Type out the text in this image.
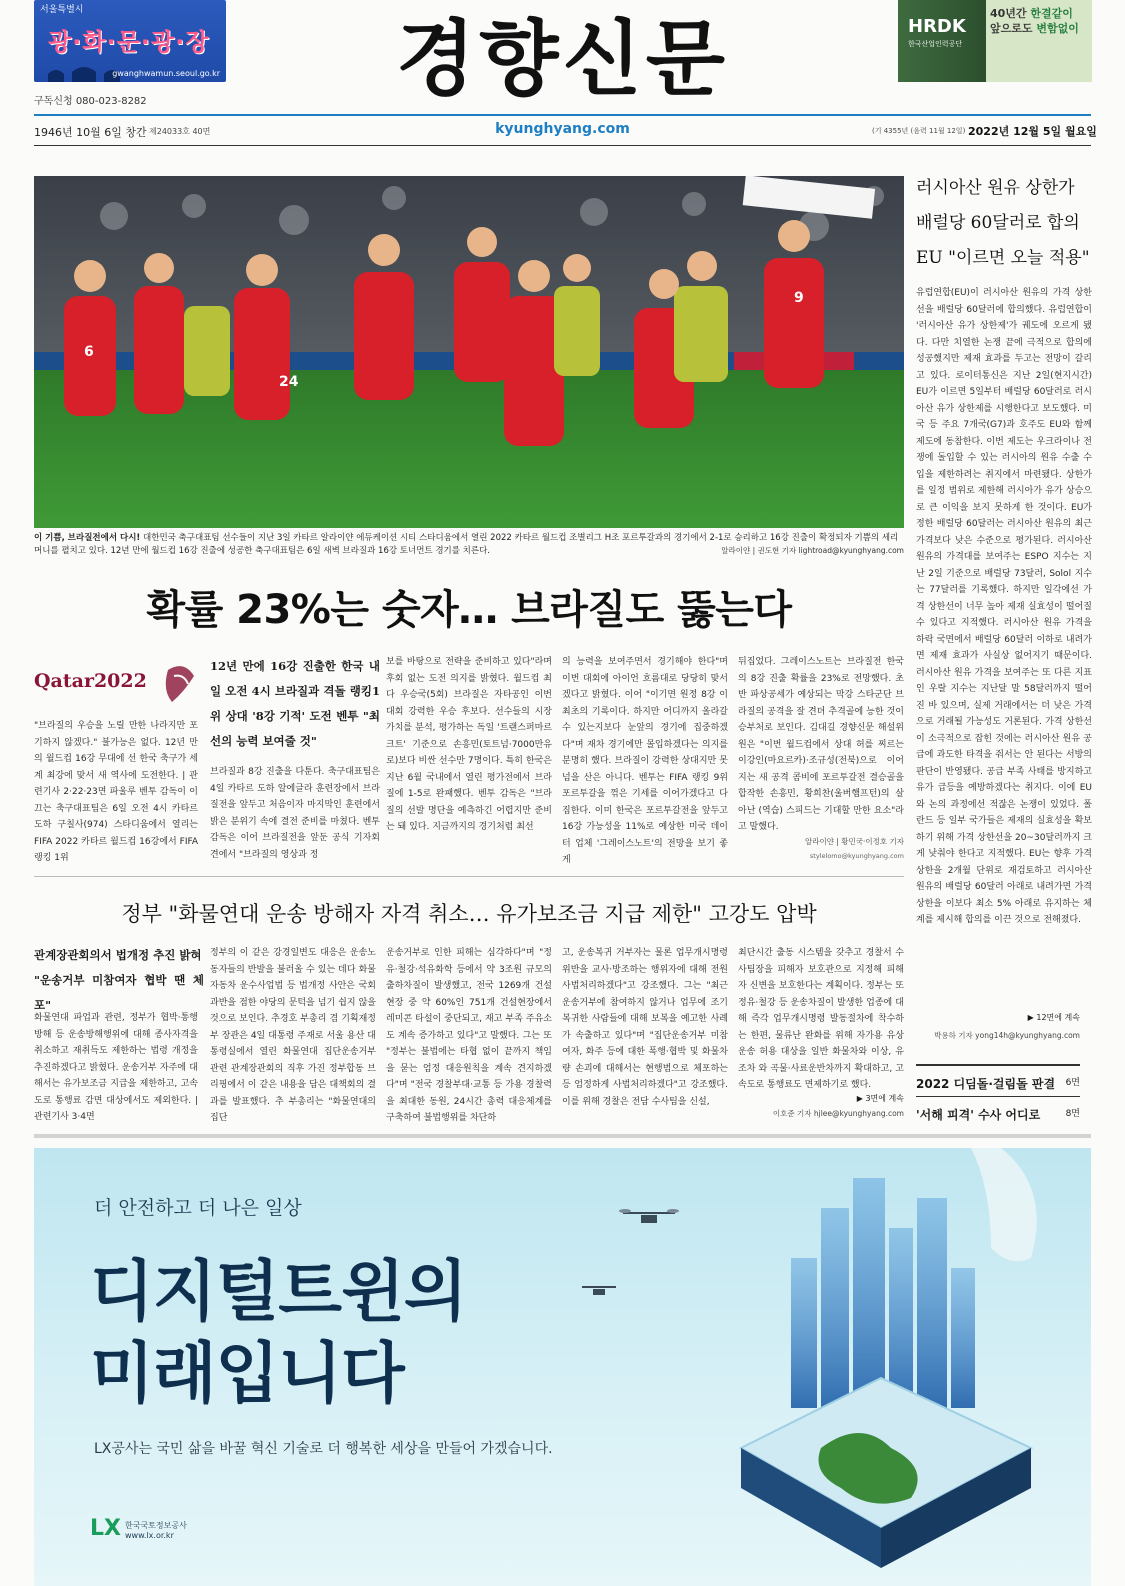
서울특별시
광·화·문·광·장
gwanghwamun.seoul.go.kr
구독신청 080-023-8282	경향신문	HRDK
한국산업인력공단
40년간 한결같이
앞으로도 변함없이
1946년 10월 6일 창간 제24033호 40면	kyunghyang.com	(기 4355년 (음력 11월 12일) 2022년 12월 5일 월요일
6
24
9
이 기쁨, 브라질전에서 다시! 대한민국 축구대표팀 선수들이 지난 3일 카타르 알라이얀 에듀케이션 시티 스타디움에서 열린 2022 카타르 월드컵 조별리그 H조 포르투갈과의 경기에서 2-1로 승리하고 16강 진출이 확정되자 기쁨의 세리머니를 펼치고 있다. 12년 만에 월드컵 16강 진출에 성공한 축구대표팀은 6일 새벽 브라질과 16강 토너먼트 경기를 치른다.	알라이얀 | 권도현 기자 lightroad@kyunghyang.com
확률 23%는 숫자… 브라질도 뚫는다
Qatar2022
"브라질의 우승을 노릴 만한 나라지만 포기하지 않겠다." 불가능은 없다. 12년 만의 월드컵 16강 무대에 선 한국 축구가 세계 최강에 맞서 새 역사에 도전한다. | 관련기사 2·22·23면 파울루 벤투 감독이 이끄는 축구대표팀은 6일 오전 4시 카타르 도하 구칠사(974) 스타디움에서 열리는 FIFA 2022 카타르 월드컵 16강에서 FIFA 랭킹 1위
12년 만에 16강 진출한 한국 내일 오전 4시 브라질과 격돌 랭킹1위 상대 '8강 기적' 도전 벤투 "최선의 능력 보여줄 것"
브라질과 8강 진출을 다툰다. 축구대표팀은 4일 카타르 도하 알에글라 훈련장에서 브라질전을 앞두고 처음이자 마지막인 훈련에서 밝은 분위기 속에 결전 준비를 마쳤다. 벤투 감독은 이어 브라질전을 앞둔 공식 기자회견에서 "브라질의 영상과 정
보를 바탕으로 전략을 준비하고 있다"라며 후회 없는 도전 의지를 밝혔다. 월드컵 최다 우승국(5회) 브라질은 자타공인 이번 대회 강력한 우승 후보다. 선수들의 시장 가치를 분석, 평가하는 독일 '트랜스퍼마르크트' 기준으로 손흥민(토트넘·7000만유로)보다 비싼 선수만 7명이다. 특히 한국은 지난 6월 국내에서 열린 평가전에서 브라질에 1-5로 완패했다. 벤투 감독은 "브라질의 선발 명단을 예측하긴 어렵지만 준비는 돼 있다. 지금까지의 경기처럼 최선
의 능력을 보여주면서 경기해야 한다"며 이번 대회에 아이언 흐름대로 당당히 맞서겠다고 밝혔다. 이어 "이기면 원정 8강 이 최초의 기록이다. 하지만 어디까지 올라갈 수 있는지보다 눈앞의 경기에 집중하겠다"며 재차 경기에만 몰입하겠다는 의지를 분명히 했다. 브라질이 강력한 상대지만 못 넘을 산은 아니다. 벤투는 FIFA 랭킹 9위 포르투갈을 꺾은 기세를 이어가겠다고 다짐한다. 이미 한국은 포르투갈전을 앞두고 16강 가능성을 11%로 예상한 미국 데이터 업체 '그레이스노트'의 전망을 보기 좋게
뒤집었다. 그레이스노트는 브라질전 한국의 8강 진출 확률을 23%로 전망했다. 초반 파상공세가 예상되는 막강 스타군단 브라질의 공격을 잘 견뎌 추격골에 능한 것이 승부처로 보인다. 김대길 경향신문 해설위원은 "이번 월드컵에서 상대 허를 찌르는 이강인(마요르카)·조규성(전북)으로 이어지는 새 공격 콤비에 포르투갈전 결승골을 합작한 손흥민, 황희찬(울버햄프턴)의 살아난 (역습) 스피드는 기대할 만한 요소"라고 말했다.
알라이얀 | 황민국·이정호 기자
stylelomo@kyunghyang.com
정부 "화물연대 운송 방해자 자격 취소… 유가보조금 지급 제한" 고강도 압박
관계장관회의서 법개정 추진 밝혀
"운송거부 미참여자 협박 땐 체포"
화물연대 파업과 관련, 정부가 협박·통행방해 등 운송방해행위에 대해 종사자격을 취소하고 재취득도 제한하는 법령 개정을 추진하겠다고 밝혔다. 운송거부 자주에 대해서는 유가보조금 지급을 제한하고, 고속도로 통행료 감면 대상에서도 제외한다. | 관련기사 3·4면
정부의 이 같은 강경일변도 대응은 운송노동자들의 반발을 불러올 수 있는 데다 화물자동차 운수사업법 등 법개정 사안은 국회 과반을 점한 야당의 문턱을 넘기 쉽지 않을 것으로 보인다. 추경호 부총리 겸 기획재정부 장관은 4일 대통령 주재로 서울 용산 대통령실에서 열린 화물연대 집단운송거부 관련 관계장관회의 직후 가진 정부합동 브리핑에서 이 같은 내용을 담은 대책회의 결과를 발표했다. 추 부총리는 "화물연대의 집단
운송거부로 인한 피해는 심각하다"며 "정유·철강·석유화학 등에서 약 3조원 규모의 출하차질이 발생했고, 전국 1269개 건설현장 중 약 60%인 751개 건설현장에서 레미콘 타설이 중단되고, 재고 부족 주유소도 계속 증가하고 있다"고 말했다. 그는 또 "정부는 불법에는 타협 없이 끝까지 책임을 묻는 엄정 대응원칙을 계속 견지하겠다"며 "전국 경찰부대·교통 등 가용 경찰력을 최대한 동원, 24시간 총력 대응체계를 구축하여 불법행위를 차단하
고, 운송복귀 거부자는 물론 업무개시명령 위반을 교사·방조하는 행위자에 대해 전원 사법처리하겠다"고 강조했다. 그는 "최근 운송거부에 참여하지 않거나 업무에 조기 복귀한 사람들에 대해 보복을 예고한 사례가 속출하고 있다"며 "집단운송거부 미참여자, 화주 등에 대한 폭행·협박 및 화물차량 손괴에 대해서는 현행범으로 체포하는 등 엄정하게 사법처리하겠다"고 강조했다. 이를 위해 경찰은 전담 수사팀을 신설,
최단시간 출동 시스템을 갖추고 경찰서 수사팀장을 피해자 보호관으로 지정해 피해자 신변을 보호한다는 계획이다. 정부는 또 정유·철강 등 운송차질이 발생한 업종에 대해 즉각 업무개시명령 발동절차에 착수하는 한편, 물류난 완화를 위해 자가용 유상운송 허용 대상을 일반 화물차와 이상, 유조차 와 곡물·사료운반차까지 확대하고, 고속도로 통행료도 면제하기로 했다.
▶ 3면에 계속
이호준 기자 hjlee@kyunghyang.com
러시아산 원유 상한가 배럴당 60달러로 합의 EU "이르면 오늘 적용"
유럽연합(EU)이 러시아산 원유의 가격 상한선을 배럴당 60달러에 합의했다. 유럽연합이 '러시아산 유가 상한제'가 궤도에 오르게 됐다. 다만 치열한 논쟁 끝에 극적으로 합의에 성공했지만 제재 효과를 두고는 전망이 갈리고 있다. 로이터통신은 지난 2일(현지시간) EU가 이르면 5일부터 배럴당 60달러로 러시아산 유가 상한제를 시행한다고 보도했다. 미국 등 주요 7개국(G7)과 호주도 EU와 함께 제도에 동참한다. 이번 제도는 우크라이나 전쟁에 돌입할 수 있는 러시아의 원유 수출 수입을 제한하려는 취지에서 마련됐다. 상한가를 일정 범위로 제한해 러시아가 유가 상승으로 큰 이익을 보지 못하게 한 것이다. EU가 정한 배럴당 60달러는 러시아산 원유의 최근 가격보다 낮은 수준으로 평가된다. 러시아산 원유의 가격대를 보여주는 ESPO 지수는 지난 2일 기준으로 배럴당 73달러, Solol 지수는 77달러를 기록했다. 하지만 일각에선 가격 상한선이 너무 높아 제재 실효성이 떨어질 수 있다고 지적했다. 러시아산 원유 가격을 하락 국면에서 배럴당 60달러 이하로 내려가면 제재 효과가 사실상 없어지기 때문이다. 러시아산 원유 가격을 보여주는 또 다른 지표인 우랄 지수는 지난달 말 58달러까지 떨어진 바 있으며, 실제 거래에서는 더 낮은 가격으로 거래될 가능성도 거론된다. 가격 상한선이 소극적으로 잡힌 것에는 러시아산 원유 공급에 과도한 타격을 줘서는 안 된다는 서방의 판단이 반영됐다. 공급 부족 사태를 방지하고 유가 급등을 예방하겠다는 취지다. 이에 EU와 논의 과정에선 적잖은 논쟁이 있었다. 폴란드 등 일부 국가들은 제재의 실효성을 확보하기 위해 가격 상한선을 20~30달러까지 크게 낮춰야 한다고 지적했다. EU는 향후 가격 상한을 2개월 단위로 재검토하고 러시아산 원유의 배럴당 60달러 아래로 내려가면 가격 상한을 이보다 최소 5% 아래로 유지하는 체계를 제시해 합의를 이끈 것으로 전해졌다.
▶ 12면에 계속
박용하 기자 yong14h@kyunghyang.com
2022 디딤돌·걸림돌 판결 6면
'서해 피격' 수사 어디로	8면
더 안전하고 더 나은 일상
디지털트윈의
미래입니다
LX공사는 국민 삶을 바꿀 혁신 기술로 더 행복한 세상을 만들어 가겠습니다.
LX 한국국토정보공사
www.lx.or.kr
